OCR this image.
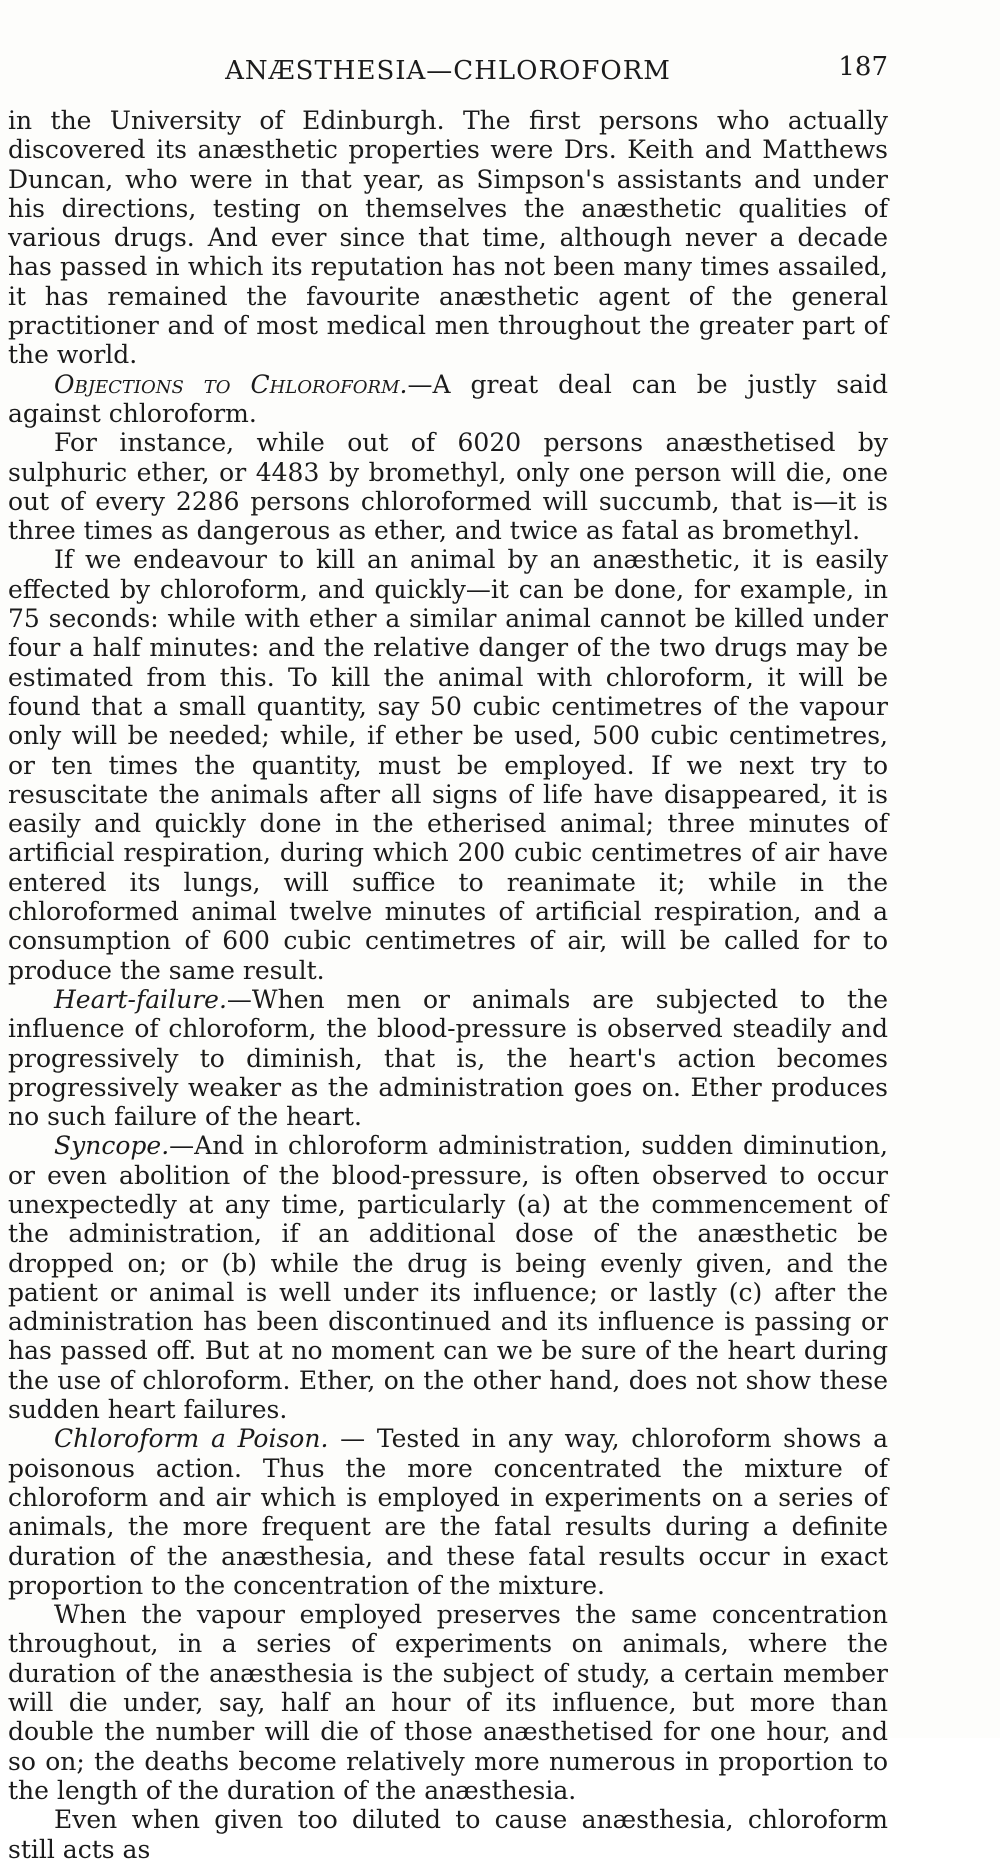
ANÆSTHESIA—CHLOROFORM	187

in the University of Edinburgh. The first persons who actually discovered its anæsthetic properties were Drs. Keith and Matthews Duncan, who were in that year, as Simpson's assistants and under his directions, testing on themselves the anæsthetic qualities of various drugs. And ever since that time, although never a decade has passed in which its reputation has not been many times assailed, it has remained the favourite anæsthetic agent of the general practitioner and of most medical men throughout the greater part of the world.

Objections to Chloroform.—A great deal can be justly said against chloroform.

For instance, while out of 6020 persons anæsthetised by sulphuric ether, or 4483 by bromethyl, only one person will die, one out of every 2286 persons chloroformed will succumb, that is—it is three times as dangerous as ether, and twice as fatal as bromethyl.

If we endeavour to kill an animal by an anæsthetic, it is easily effected by chloroform, and quickly—it can be done, for example, in 75 seconds: while with ether a similar animal cannot be killed under four a half minutes: and the relative danger of the two drugs may be estimated from this. To kill the animal with chloroform, it will be found that a small quantity, say 50 cubic centimetres of the vapour only will be needed; while, if ether be used, 500 cubic centimetres, or ten times the quantity, must be employed. If we next try to resuscitate the animals after all signs of life have disappeared, it is easily and quickly done in the etherised animal; three minutes of artificial respiration, during which 200 cubic centimetres of air have entered its lungs, will suffice to reanimate it; while in the chloroformed animal twelve minutes of artificial respiration, and a consumption of 600 cubic centimetres of air, will be called for to produce the same result.

Heart-failure.—When men or animals are subjected to the influence of chloroform, the blood-pressure is observed steadily and progressively to diminish, that is, the heart's action becomes progressively weaker as the administration goes on. Ether produces no such failure of the heart.

Syncope.—And in chloroform administration, sudden diminution, or even abolition of the blood-pressure, is often observed to occur unexpectedly at any time, particularly (a) at the commencement of the administration, if an additional dose of the anæsthetic be dropped on; or (b) while the drug is being evenly given, and the patient or animal is well under its influence; or lastly (c) after the administration has been discontinued and its influence is passing or has passed off. But at no moment can we be sure of the heart during the use of chloroform. Ether, on the other hand, does not show these sudden heart failures.

Chloroform a Poison. — Tested in any way, chloroform shows a poisonous action. Thus the more concentrated the mixture of chloroform and air which is employed in experiments on a series of animals, the more frequent are the fatal results during a definite duration of the anæsthesia, and these fatal results occur in exact proportion to the concentration of the mixture.

When the vapour employed preserves the same concentration throughout, in a series of experiments on animals, where the duration of the anæsthesia is the subject of study, a certain member will die under, say, half an hour of its influence, but more than double the number will die of those anæsthetised for one hour, and so on; the deaths become relatively more numerous in proportion to the length of the duration of the anæsthesia.

Even when given too diluted to cause anæsthesia, chloroform still acts as
